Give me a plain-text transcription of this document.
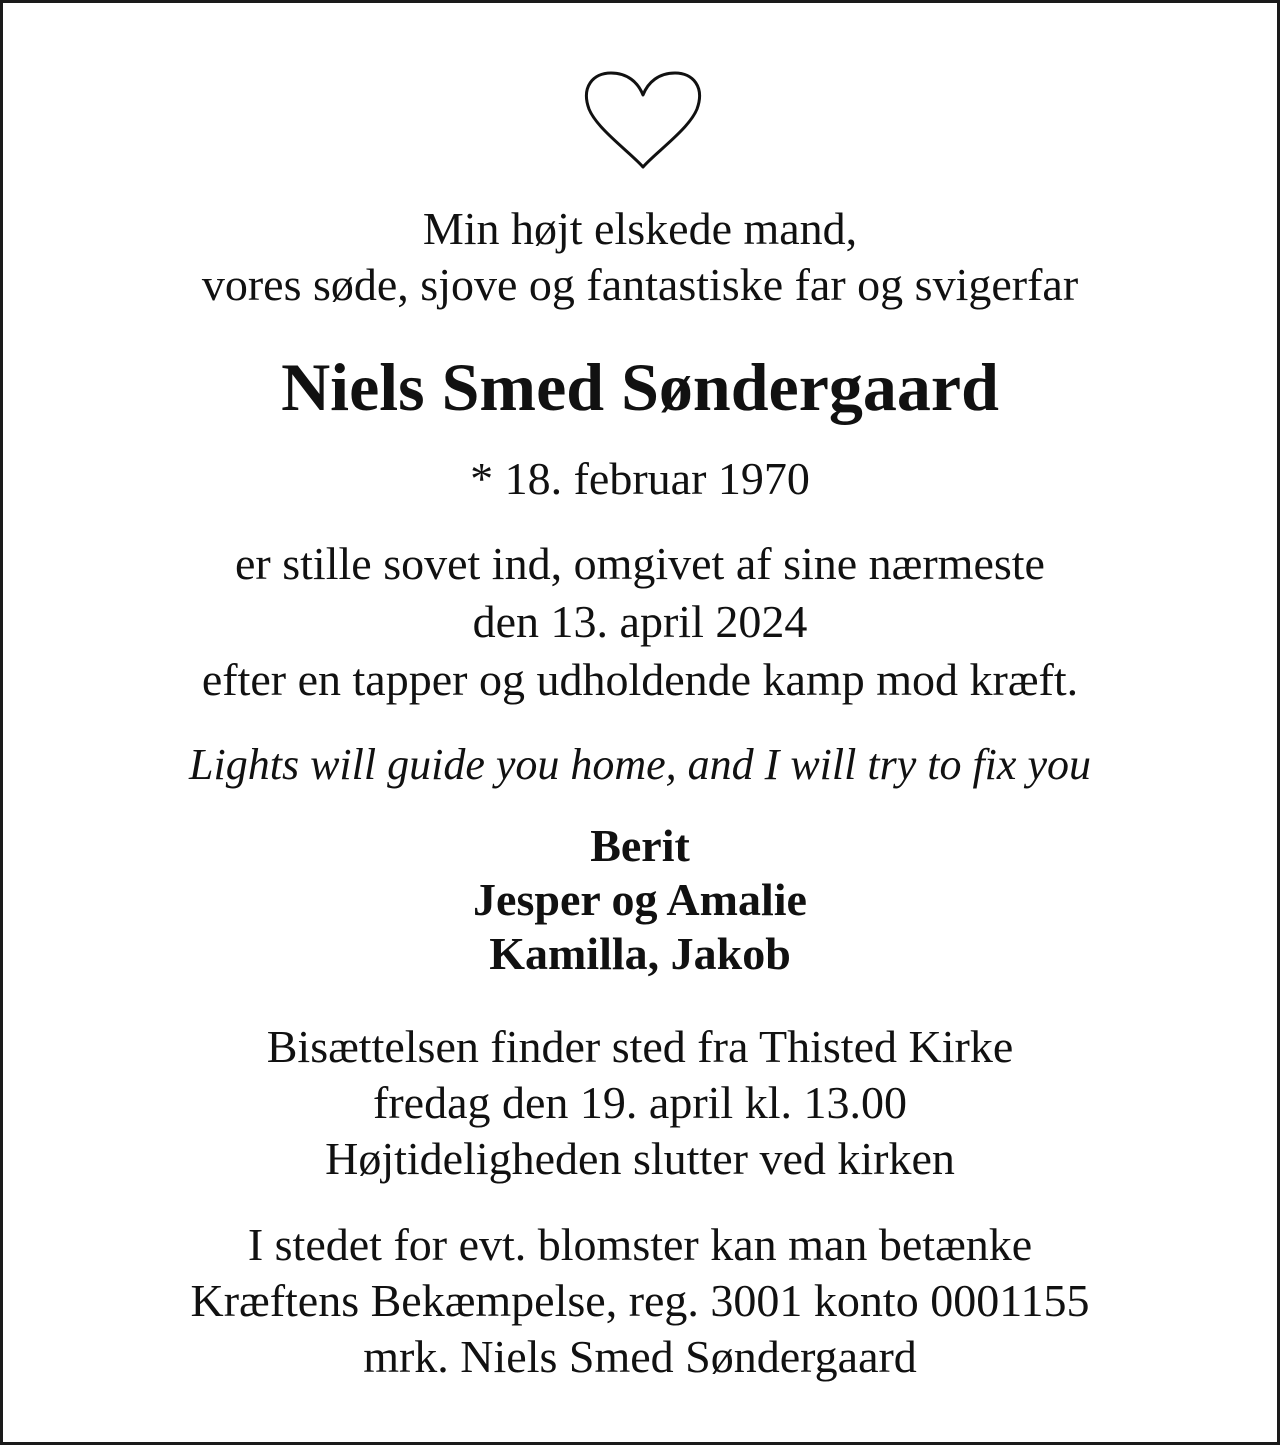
Min højt elskede mand,
vores søde, sjove og fantastiske far og svigerfar
Niels Smed Søndergaard
* 18. februar 1970
er stille sovet ind, omgivet af sine nærmeste
den 13. april 2024
efter en tapper og udholdende kamp mod kræft.
Lights will guide you home, and I will try to fix you
Berit
Jesper og Amalie
Kamilla, Jakob
Bisættelsen finder sted fra Thisted Kirke
fredag den 19. april kl. 13.00
Højtideligheden slutter ved kirken
I stedet for evt. blomster kan man betænke
Kræftens Bekæmpelse, reg. 3001 konto 0001155
mrk. Niels Smed Søndergaard
